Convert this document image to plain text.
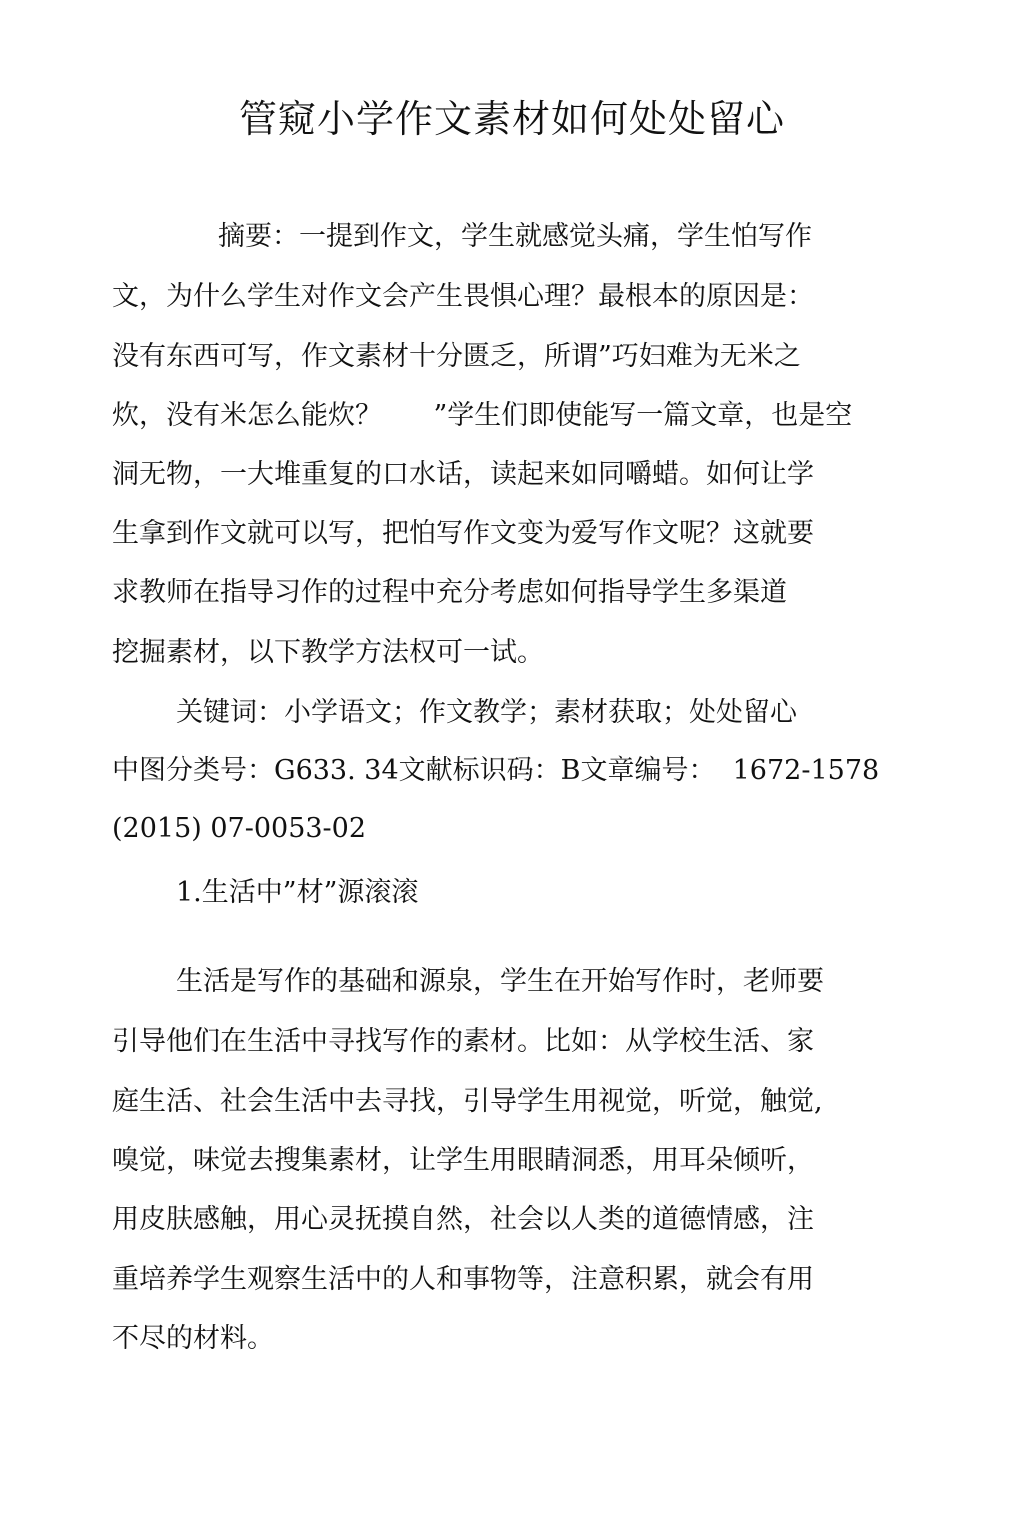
管窥小学作文素材如何处处留心

摘要：一提到作文，学生就感觉头痛，学生怕写作

文，为什么学生对作文会产生畏惧心理？最根本的原因是：

没有东西可写，作文素材十分匮乏，所谓”巧妇难为无米之

炊，没有米怎么能炊？      ”学生们即使能写一篇文章，也是空

洞无物，一大堆重复的口水话，读起来如同嚼蜡。如何让学

生拿到作文就可以写，把怕写作文变为爱写作文呢？这就要

求教师在指导习作的过程中充分考虑如何指导学生多渠道

挖掘素材，以下教学方法权可一试。

关键词：小学语文；作文教学；素材获取；处处留心

中图分类号：G633. 34文献标识码：B文章编号：  1672-1578

(2015) 07-0053-02

1.生活中”材”源滚滚

生活是写作的基础和源泉，学生在开始写作时，老师要

引导他们在生活中寻找写作的素材。比如：从学校生活、家

庭生活、社会生活中去寻找，引导学生用视觉，听觉，触觉,

嗅觉，味觉去搜集素材，让学生用眼睛洞悉，用耳朵倾听，

用皮肤感触，用心灵抚摸自然，社会以人类的道德情感，注

重培养学生观察生活中的人和事物等，注意积累，就会有用

不尽的材料。
